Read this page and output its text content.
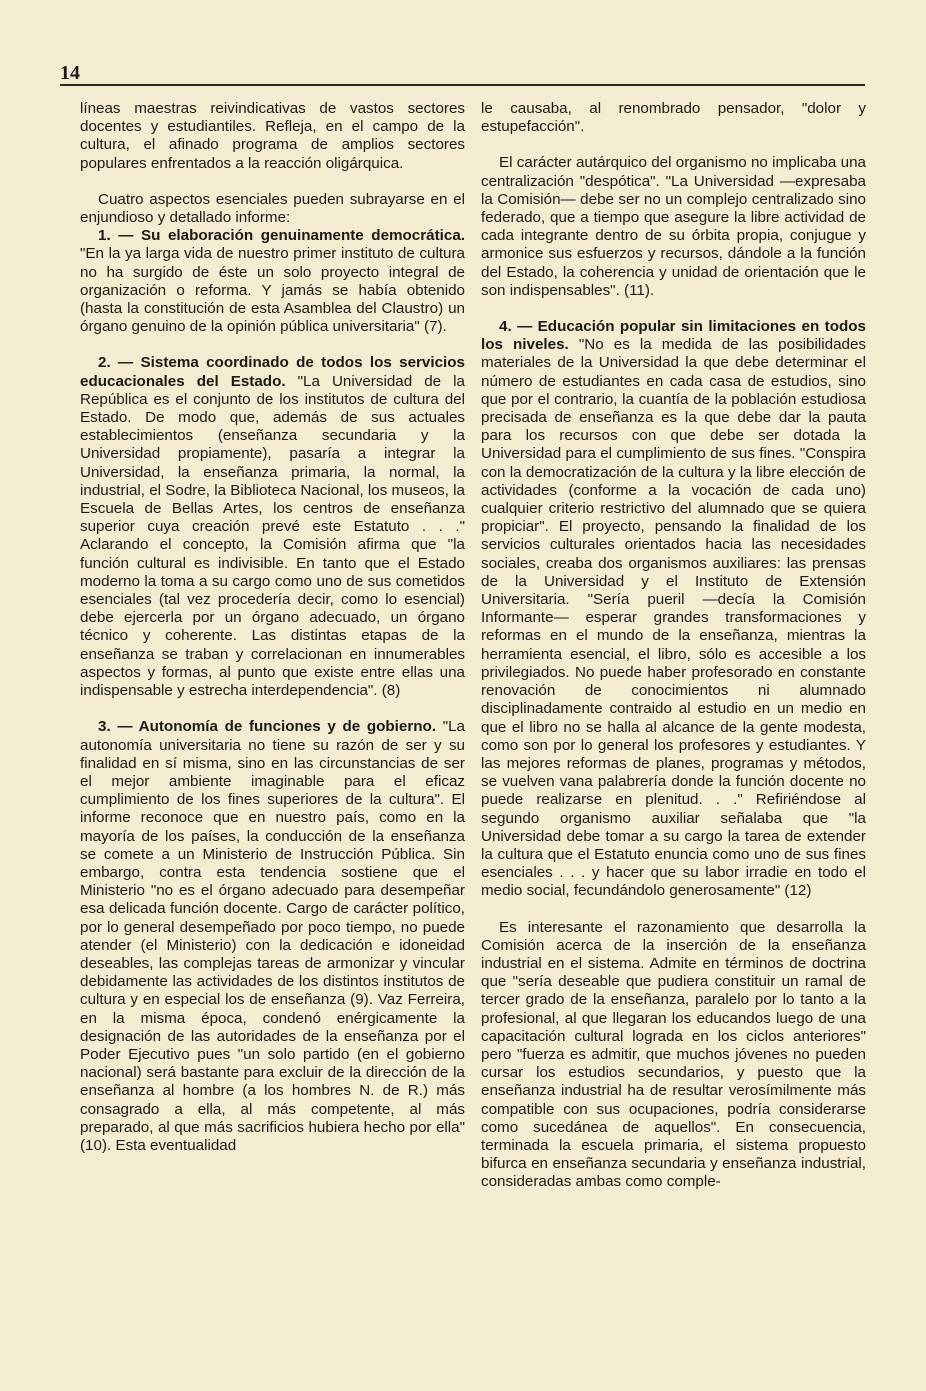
14

líneas maestras reivindicativas de vastos sectores docentes y estudiantiles. Refleja, en el campo de la cultura, el afinado programa de amplios sectores populares enfrentados a la reacción oligárquica.

Cuatro aspectos esenciales pueden subrayarse en el enjundioso y detallado informe:

1. — Su elaboración genuinamente democrática. "En la ya larga vida de nuestro primer instituto de cultura no ha surgido de éste un solo proyecto integral de organización o reforma. Y jamás se había obtenido (hasta la constitución de esta Asamblea del Claustro) un órgano genuino de la opinión pública universitaria" (7).

2. — Sistema coordinado de todos los servicios educacionales del Estado. "La Universidad de la República es el conjunto de los institutos de cultura del Estado. De modo que, además de sus actuales establecimientos (enseñanza secundaria y la Universidad propiamente), pasaría a integrar la Universidad, la enseñanza primaria, la normal, la industrial, el Sodre, la Biblioteca Nacional, los museos, la Escuela de Bellas Artes, los centros de enseñanza superior cuya creación prevé este Estatuto . . ." Aclarando el concepto, la Comisión afirma que "la función cultural es indivisible. En tanto que el Estado moderno la toma a su cargo como uno de sus cometidos esenciales (tal vez procedería decir, como lo esencial) debe ejercerla por un órgano adecuado, un órgano técnico y coherente. Las distintas etapas de la enseñanza se traban y correlacionan en innumerables aspectos y formas, al punto que existe entre ellas una indispensable y estrecha interdependencia". (8)

3. — Autonomía de funciones y de gobierno. "La autonomía universitaria no tiene su razón de ser y su finalidad en sí misma, sino en las circunstancias de ser el mejor ambiente imaginable para el eficaz cumplimiento de los fines superiores de la cultura". El informe reconoce que en nuestro país, como en la mayoría de los países, la conducción de la enseñanza se comete a un Ministerio de Instrucción Pública. Sin embargo, contra esta tendencia sostiene que el Ministerio "no es el órgano adecuado para desempeñar esa delicada función docente. Cargo de carácter político, por lo general desempeñado por poco tiempo, no puede atender (el Ministerio) con la dedicación e idoneidad deseables, las complejas tareas de armonizar y vincular debidamente las actividades de los distintos institutos de cultura y en especial los de enseñanza (9). Vaz Ferreira, en la misma época, condenó enérgicamente la designación de las autoridades de la enseñanza por el Poder Ejecutivo pues "un solo partido (en el gobierno nacional) será bastante para excluir de la dirección de la enseñanza al hombre (a los hombres N. de R.) más consagrado a ella, al más competente, al más preparado, al que más sacrificios hubiera hecho por ella" (10). Esta eventualidad

le causaba, al renombrado pensador, "dolor y estupefacción".

El carácter autárquico del organismo no implicaba una centralización "despótica". "La Universidad —expresaba la Comisión— debe ser no un complejo centralizado sino federado, que a tiempo que asegure la libre actividad de cada integrante dentro de su órbita propia, conjugue y armonice sus esfuerzos y recursos, dándole a la función del Estado, la coherencia y unidad de orientación que le son indispensables". (11).

4. — Educación popular sin limitaciones en todos los niveles. "No es la medida de las posibilidades materiales de la Universidad la que debe determinar el número de estudiantes en cada casa de estudios, sino que por el contrario, la cuantía de la población estudiosa precisada de enseñanza es la que debe dar la pauta para los recursos con que debe ser dotada la Universidad para el cumplimiento de sus fines. "Conspira con la democratización de la cultura y la libre elección de actividades (conforme a la vocación de cada uno) cualquier criterio restrictivo del alumnado que se quiera propiciar". El proyecto, pensando la finalidad de los servicios culturales orientados hacia las necesidades sociales, creaba dos organismos auxiliares: las prensas de la Universidad y el Instituto de Extensión Universitaria. "Sería pueril —decía la Comisión Informante— esperar grandes transformaciones y reformas en el mundo de la enseñanza, mientras la herramienta esencial, el libro, sólo es accesible a los privilegiados. No puede haber profesorado en constante renovación de conocimientos ni alumnado disciplinadamente contraido al estudio en un medio en que el libro no se halla al alcance de la gente modesta, como son por lo general los profesores y estudiantes. Y las mejores reformas de planes, programas y métodos, se vuelven vana palabrería donde la función docente no puede realizarse en plenitud. . ." Refiriéndose al segundo organismo auxiliar señalaba que "la Universidad debe tomar a su cargo la tarea de extender la cultura que el Estatuto enuncia como uno de sus fines esenciales . . . y hacer que su labor irradie en todo el medio social, fecundándolo generosamente" (12)

Es interesante el razonamiento que desarrolla la Comisión acerca de la inserción de la enseñanza industrial en el sistema. Admite en términos de doctrina que "sería deseable que pudiera constituir un ramal de tercer grado de la enseñanza, paralelo por lo tanto a la profesional, al que llegaran los educandos luego de una capacitación cultural lograda en los ciclos anteriores" pero "fuerza es admitir, que muchos jóvenes no pueden cursar los estudios secundarios, y puesto que la enseñanza industrial ha de resultar verosímilmente más compatible con sus ocupaciones, podría considerarse como sucedánea de aquellos". En consecuencia, terminada la escuela primaria, el sistema propuesto bifurca en enseñanza secundaria y enseñanza industrial, consideradas ambas como comple-
